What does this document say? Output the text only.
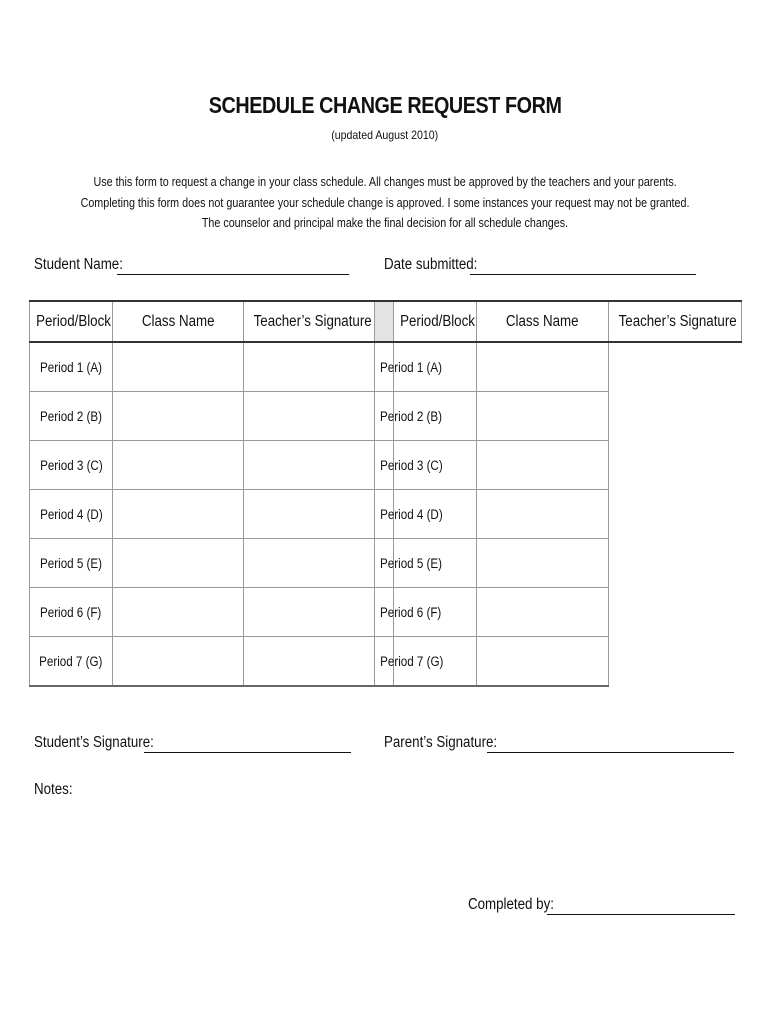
SCHEDULE CHANGE REQUEST FORM
(updated August 2010)
Use this form to request a change in your class schedule. All changes must be approved by the teachers and your parents.
Completing this form does not guarantee your schedule change is approved. I some instances your request may not be granted.
The counselor and principal make the final decision for all schedule changes.
Student Name:	Date submitted:
Period/Block	Class Name	Teacher’s Signature		Period/Block	Class Name	Teacher’s Signature
Period 1 (A)			Period 1 (A)			
Period 2 (B)			Period 2 (B)			
Period 3 (C)			Period 3 (C)			
Period 4 (D)			Period 4 (D)			
Period 5 (E)			Period 5 (E)			
Period 6 (F)			Period 6 (F)			
Period 7 (G)			Period 7 (G)			
Student’s Signature:	Parent’s Signature:
Notes:
Completed by:
